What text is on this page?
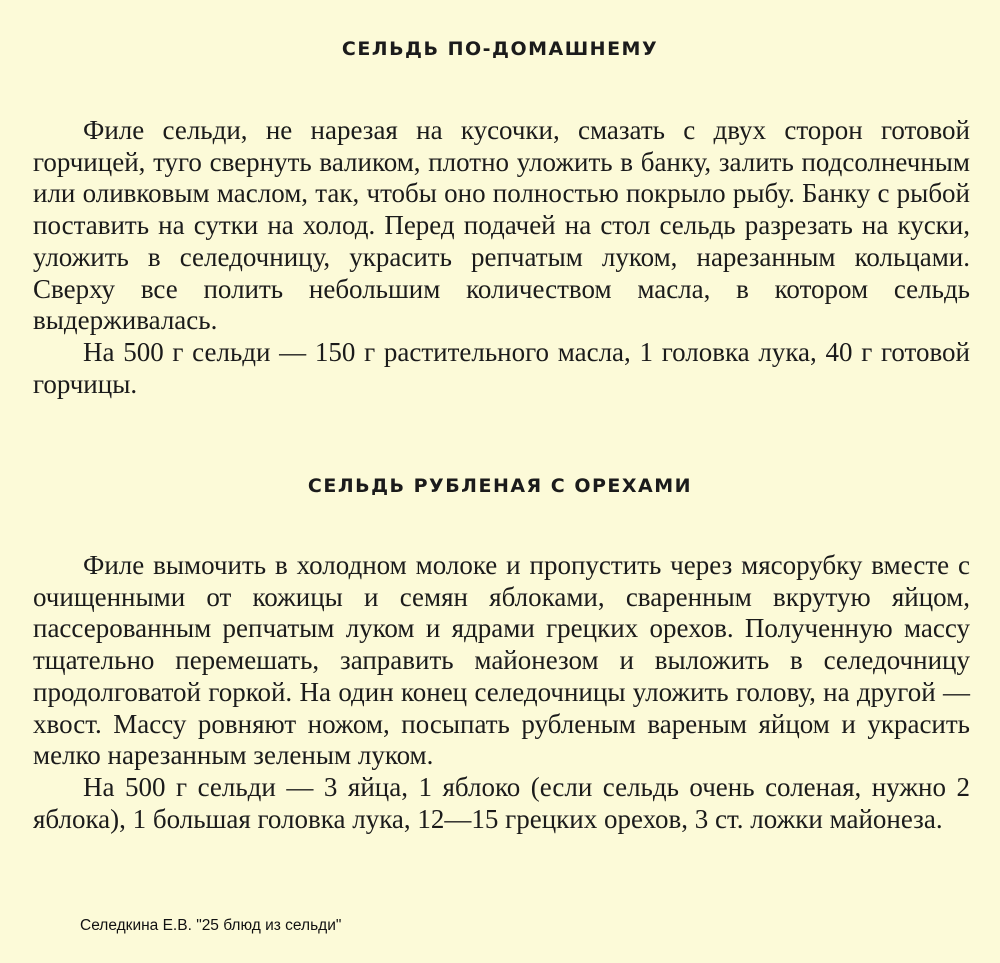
СЕЛЬДЬ ПО-ДОМАШНЕМУ

Филе сельди, не нарезая на кусочки, смазать с двух сторон готовой горчицей, туго свернуть валиком, плотно уложить в банку, залить подсолнечным или оливковым маслом, так, чтобы оно полностью покрыло рыбу. Банку с рыбой поставить на сутки на холод. Перед подачей на стол сельдь разрезать на куски, уложить в селедочницу, украсить репчатым луком, нарезанным кольцами. Сверху все полить небольшим количеством масла, в котором сельдь выдерживалась.

На 500 г сельди — 150 г растительного масла, 1 головка лука, 40 г готовой горчицы.

СЕЛЬДЬ РУБЛЕНАЯ С ОРЕХАМИ

Филе вымочить в холодном молоке и пропустить через мясорубку вместе с очищенными от кожицы и семян яблоками, сваренным вкрутую яйцом, пассерованным репчатым луком и ядрами грецких орехов. Полученную массу тщательно перемешать, заправить майонезом и выложить в селедочницу продолговатой горкой. На один конец селедочницы уложить голову, на другой — хвост. Массу ровняют ножом, посыпать рубленым вареным яйцом и украсить мелко нарезанным зеленым луком.

На 500 г сельди — 3 яйца, 1 яблоко (если сельдь очень соленая, нужно 2 яблока), 1 большая головка лука, 12—15 грецких орехов, 3 ст. ложки майонеза.

Селедкина Е.В. "25 блюд из сельди"
